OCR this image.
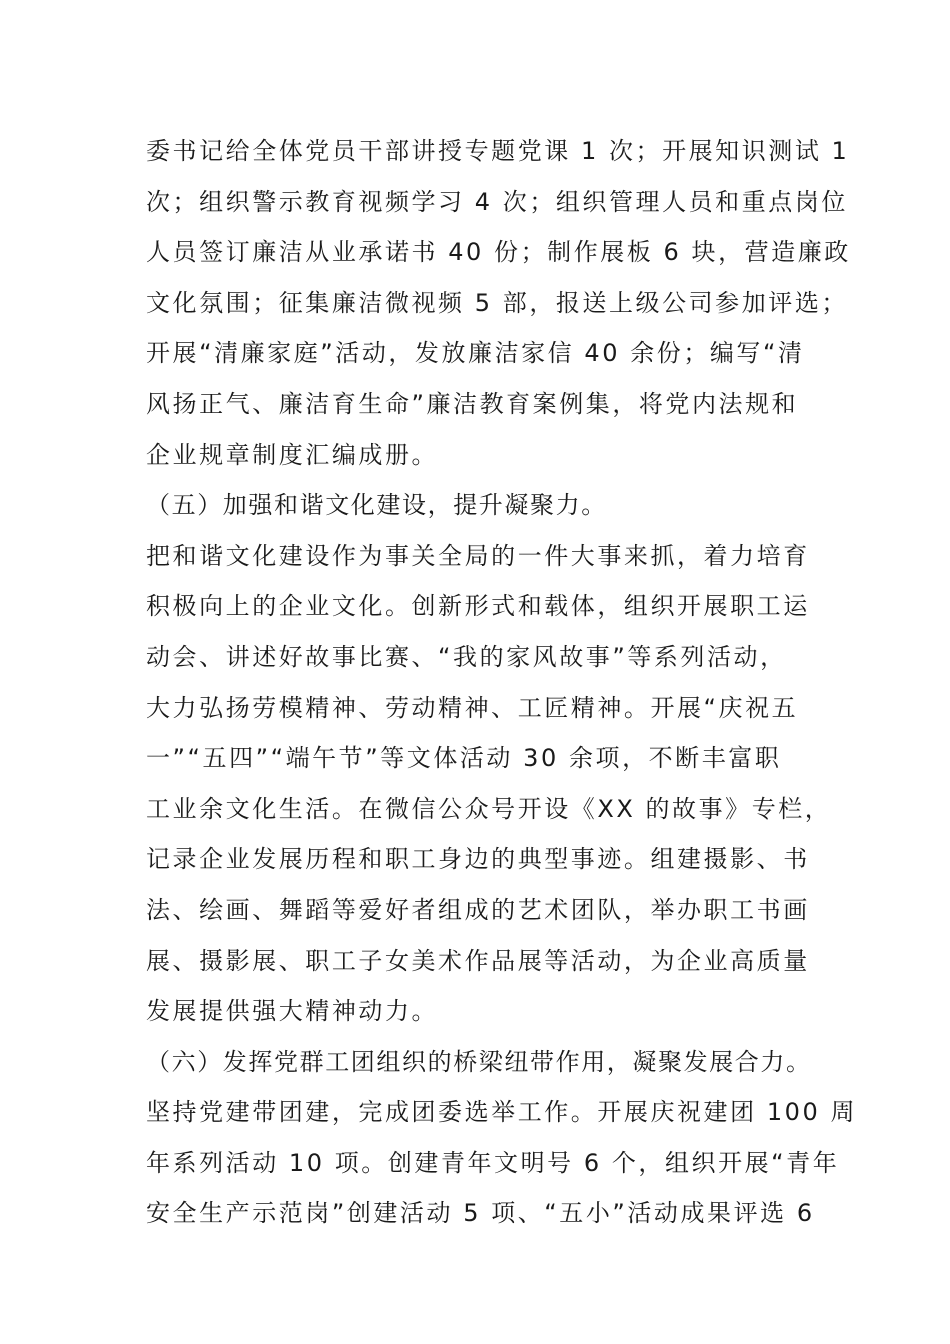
委书记给全体党员干部讲授专题党课 1 次；开展知识测试 1
次；组织警示教育视频学习 4 次；组织管理人员和重点岗位
人员签订廉洁从业承诺书 40 份；制作展板 6 块，营造廉政
文化氛围；征集廉洁微视频 5 部，报送上级公司参加评选；
开展“清廉家庭”活动，发放廉洁家信 40 余份；编写“清
风扬正气、廉洁育生命”廉洁教育案例集，将党内法规和
企业规章制度汇编成册。
（五）加强和谐文化建设，提升凝聚力。
把和谐文化建设作为事关全局的一件大事来抓，着力培育
积极向上的企业文化。创新形式和载体，组织开展职工运
动会、讲述好故事比赛、“我的家风故事”等系列活动，
大力弘扬劳模精神、劳动精神、工匠精神。开展“庆祝五
一”“五四”“端午节”等文体活动 30 余项，不断丰富职
工业余文化生活。在微信公众号开设《XX 的故事》专栏，
记录企业发展历程和职工身边的典型事迹。组建摄影、书
法、绘画、舞蹈等爱好者组成的艺术团队，举办职工书画
展、摄影展、职工子女美术作品展等活动，为企业高质量
发展提供强大精神动力。
（六）发挥党群工团组织的桥梁纽带作用，凝聚发展合力。
坚持党建带团建，完成团委选举工作。开展庆祝建团 100 周
年系列活动 10 项。创建青年文明号 6 个，组织开展“青年
安全生产示范岗”创建活动 5 项、“五小”活动成果评选 6
